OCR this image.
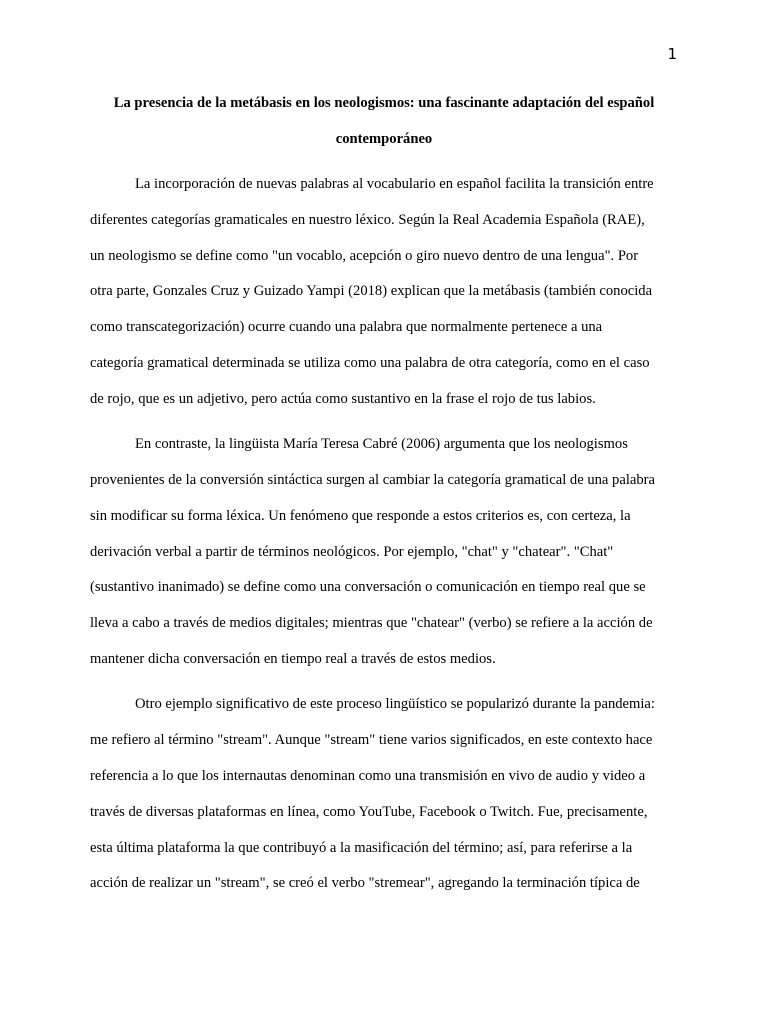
1
La presencia de la metábasis en los neologismos: una fascinante adaptación del español
contemporáneo

La incorporación de nuevas palabras al vocabulario en español facilita la transición entre
diferentes categorías gramaticales en nuestro léxico. Según la Real Academia Española (RAE),
un neologismo se define como "un vocablo, acepción o giro nuevo dentro de una lengua". Por
otra parte, Gonzales Cruz y Guizado Yampi (2018) explican que la metábasis (también conocida
como transcategorización) ocurre cuando una palabra que normalmente pertenece a una
categoría gramatical determinada se utiliza como una palabra de otra categoría, como en el caso
de rojo, que es un adjetivo, pero actúa como sustantivo en la frase el rojo de tus labios.

En contraste, la lingüista María Teresa Cabré (2006) argumenta que los neologismos
provenientes de la conversión sintáctica surgen al cambiar la categoría gramatical de una palabra
sin modificar su forma léxica. Un fenómeno que responde a estos criterios es, con certeza, la
derivación verbal a partir de términos neológicos. Por ejemplo, "chat" y "chatear". "Chat"
(sustantivo inanimado) se define como una conversación o comunicación en tiempo real que se
lleva a cabo a través de medios digitales; mientras que "chatear" (verbo) se refiere a la acción de
mantener dicha conversación en tiempo real a través de estos medios.

Otro ejemplo significativo de este proceso lingüístico se popularizó durante la pandemia:
me refiero al término "stream". Aunque "stream" tiene varios significados, en este contexto hace
referencia a lo que los internautas denominan como una transmisión en vivo de audio y video a
través de diversas plataformas en línea, como YouTube, Facebook o Twitch. Fue, precisamente,
esta última plataforma la que contribuyó a la masificación del término; así, para referirse a la
acción de realizar un "stream", se creó el verbo "stremear", agregando la terminación típica de
